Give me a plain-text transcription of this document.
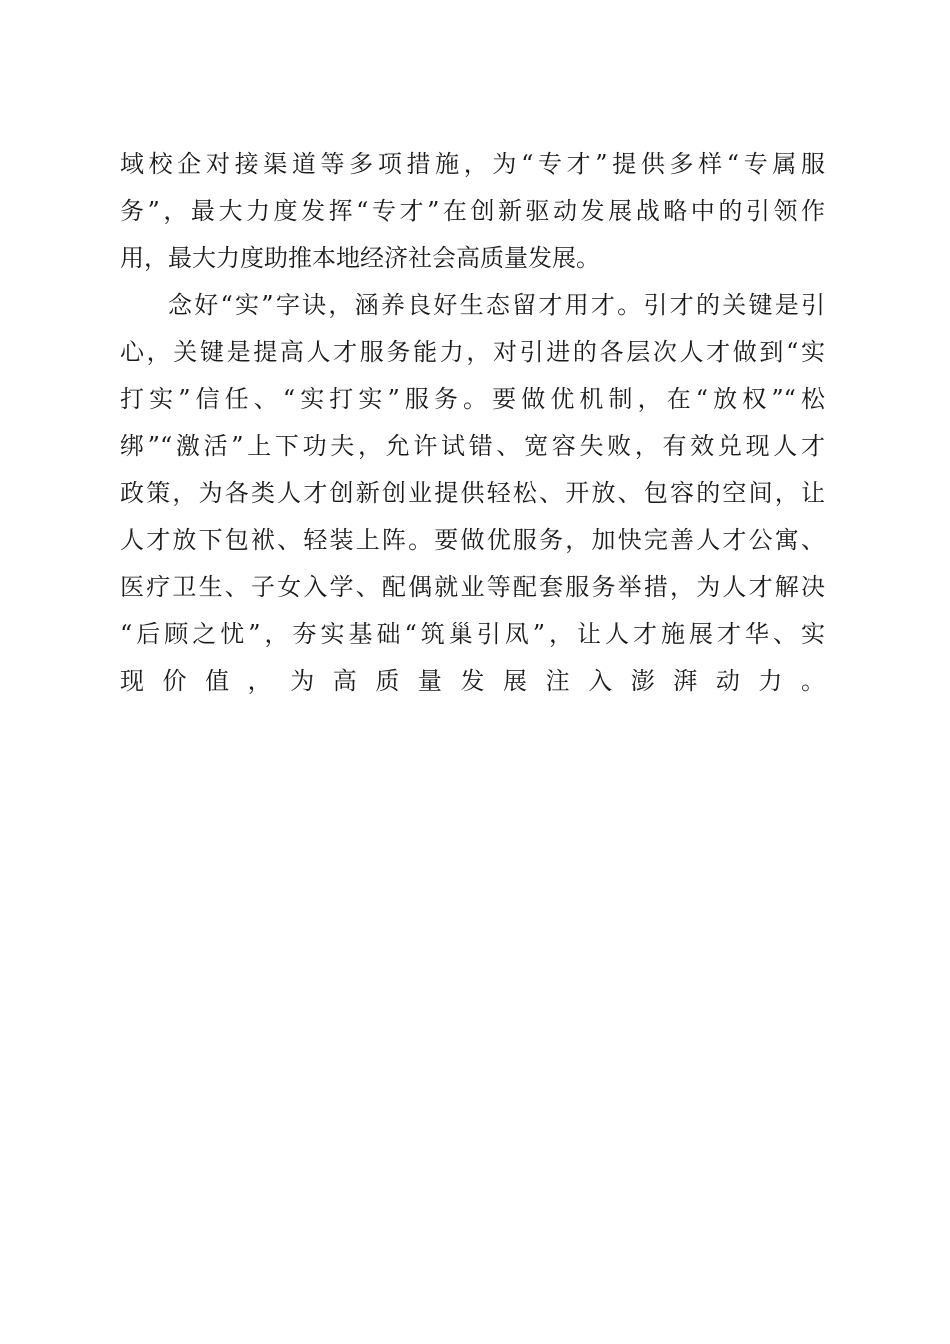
域校企对接渠道等多项措施，为“专才”提供多样“专属服
务”，最大力度发挥“专才”在创新驱动发展战略中的引领作
用，最大力度助推本地经济社会高质量发展。
念好“实”字诀，涵养良好生态留才用才。引才的关键是引
心，关键是提高人才服务能力，对引进的各层次人才做到“实
打实”信任、“实打实”服务。要做优机制，在“放权”“松
绑”“激活”上下功夫，允许试错、宽容失败，有效兑现人才
政策，为各类人才创新创业提供轻松、开放、包容的空间，让
人才放下包袱、轻装上阵。要做优服务，加快完善人才公寓、
医疗卫生、子女入学、配偶就业等配套服务举措，为人才解决
“后顾之忧”，夯实基础“筑巢引凤”，让人才施展才华、实
现价值，为高质量发展注入澎湃动力。
